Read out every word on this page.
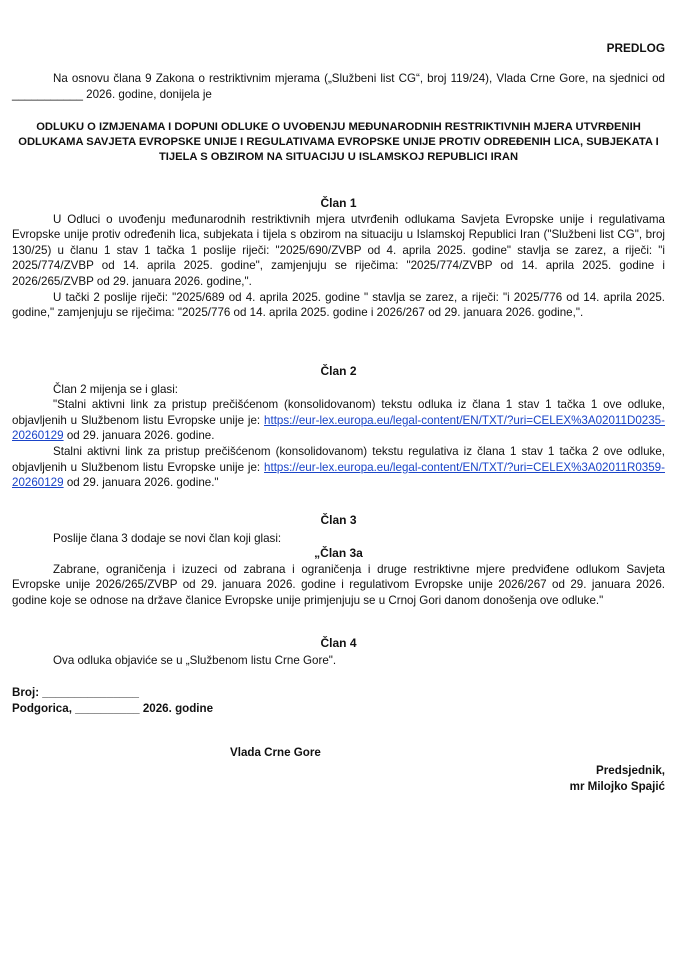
PREDLOG

Na osnovu člana 9 Zakona o restriktivnim mjerama („Službeni list CG“, broj 119/24), Vlada Crne Gore, na sjednici od ___________ 2026. godine, donijela je

ODLUKU O IZMJENAMA I DOPUNI ODLUKE O UVOĐENJU MEĐUNARODNIH RESTRIKTIVNIH MJERA UTVRĐENIH ODLUKAMA SAVJETA EVROPSKE UNIJE I REGULATIVAMA EVROPSKE UNIJE PROTIV ODREĐENIH LICA, SUBJEKATA I TIJELA S OBZIROM NA SITUACIJU U ISLAMSKOJ REPUBLICI IRAN
Član 1

U Odluci o uvođenju međunarodnih restriktivnih mjera utvrđenih odlukama Savjeta Evropske unije i regulativama Evropske unije protiv određenih lica, subjekata i tijela s obzirom na situaciju u Islamskoj Republici Iran ("Službeni list CG", broj 130/25) u članu 1 stav 1 tačka 1 poslije riječi: "2025/690/ZVBP od 4. aprila 2025. godine" stavlja se zarez, a riječi: "i 2025/774/ZVBP od 14. aprila 2025. godine", zamjenjuju se riječima: "2025/774/ZVBP od 14. aprila 2025. godine i 2026/265/ZVBP od 29. januara 2026. godine,".

U tački 2 poslije riječi: "2025/689 od 4. aprila 2025. godine " stavlja se zarez, a riječi: "i 2025/776 od 14. aprila 2025. godine," zamjenjuju se riječima: "2025/776 od 14. aprila 2025. godine i 2026/267 od 29. januara 2026. godine,".

Član 2

Član 2 mijenja se i glasi:

"Stalni aktivni link za pristup prečišćenom (konsolidovanom) tekstu odluka iz člana 1 stav 1 tačka 1 ove odluke, objavljenih u Službenom listu Evropske unije je: https://eur-lex.europa.eu/legal-content/EN/TXT/?uri=CELEX%3A02011D0235-20260129 od 29. januara 2026. godine.

Stalni aktivni link za pristup prečišćenom (konsolidovanom) tekstu regulativa iz člana 1 stav 1 tačka 2 ove odluke, objavljenih u Službenom listu Evropske unije je: https://eur-lex.europa.eu/legal-content/EN/TXT/?uri=CELEX%3A02011R0359-20260129 od 29. januara 2026. godine."

Član 3

Poslije člana 3 dodaje se novi član koji glasi:

„Član 3a

Zabrane, ograničenja i izuzeci od zabrana i ograničenja i druge restriktivne mjere predviđene odlukom Savjeta Evropske unije 2026/265/ZVBP od 29. januara 2026. godine i regulativom Evropske unije 2026/267 od 29. januara 2026. godine koje se odnose na države članice Evropske unije primjenjuju se u Crnoj Gori danom donošenja ove odluke."

Član 4

Ova odluka objaviće se u „Službenom listu Crne Gore".

Broj: _______________
Podgorica, __________ 2026. godine
Vlada Crne Gore
Predsjednik,
mr Milojko Spajić
